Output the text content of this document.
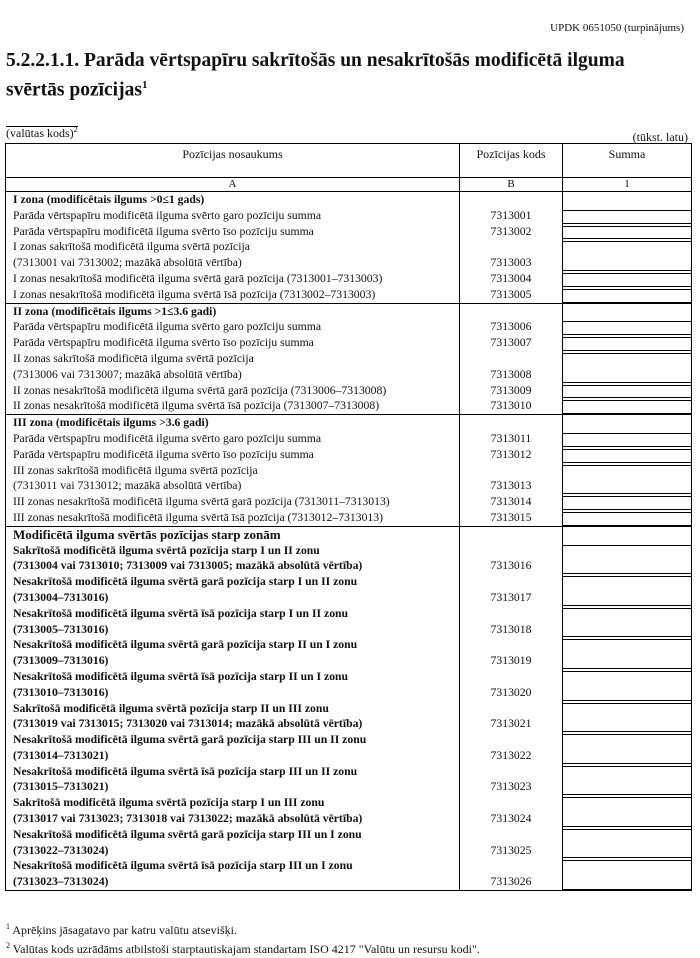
UPDK 0651050 (turpinājums)
5.2.2.1.1. Parāda vērtspapīru sakrītošās un nesakrītošās modificētā ilguma svērtās pozīcijas$^1$
(valūtas kods)$^2$
(tūkst. latu)
Pozīcijas nosaukums	Pozīcijas kods	Summa
A	B	1
I zona (modificētais ilgums >0≤1 gads)		

Parāda vērtspapīru modificētā ilguma svērto garo pozīciju summa	7313001	

Parāda vērtspapīru modificētā ilguma svērto īso pozīciju summa	7313002	

I zonas sakrītošā modificētā ilguma svērtā pozīcija
(7313001 vai 7313002; mazākā absolūtā vērtība)	7313003	

I zonas nesakrītošā modificētā ilguma svērtā garā pozīcija (7313001–7313003)	7313004	

I zonas nesakrītošā modificētā ilguma svērtā īsā pozīcija (7313002–7313003)	7313005	

II zona (modificētais ilgums >1≤3.6 gadi)		

Parāda vērtspapīru modificētā ilguma svērto garo pozīciju summa	7313006	

Parāda vērtspapīru modificētā ilguma svērto īso pozīciju summa	7313007	

II zonas sakrītošā modificētā ilguma svērtā pozīcija
(7313006 vai 7313007; mazākā absolūtā vērtība)	7313008	

II zonas nesakrītošā modificētā ilguma svērtā garā pozīcija (7313006–7313008)	7313009	

II zonas nesakrītošā modificētā ilguma svērtā īsā pozīcija (7313007–7313008)	7313010	

III zona (modificētais ilgums >3.6 gadi)		

Parāda vērtspapīru modificētā ilguma svērto garo pozīciju summa	7313011	

Parāda vērtspapīru modificētā ilguma svērto īso pozīciju summa	7313012	

III zonas sakrītošā modificētā ilguma svērtā pozīcija
(7313011 vai 7313012; mazākā absolūtā vērtība)	7313013	

III zonas nesakrītošā modificētā ilguma svērtā garā pozīcija (7313011–7313013)	7313014	

III zonas nesakrītošā modificētā ilguma svērtā īsā pozīcija (7313012–7313013)	7313015	

Modificētā ilguma svērtās pozīcijas starp zonām		

Sakrītošā modificētā ilguma svērtā pozīcija starp I un II zonu
(7313004 vai 7313010; 7313009 vai 7313005; mazākā absolūtā vērtība)	7313016	

Nesakrītošā modificētā ilguma svērtā garā pozīcija starp I un II zonu
(7313004–7313016)	7313017	

Nesakrītošā modificētā ilguma svērtā īsā pozīcija starp I un II zonu
(7313005–7313016)	7313018	

Nesakrītošā modificētā ilguma svērtā garā pozīcija starp II un I zonu
(7313009–7313016)	7313019	

Nesakrītošā modificētā ilguma svērtā īsā pozīcija starp II un I zonu
(7313010–7313016)	7313020	

Sakrītošā modificētā ilguma svērtā pozīcija starp II un III zonu
(7313019 vai 7313015; 7313020 vai 7313014; mazākā absolūtā vērtība)	7313021	

Nesakrītošā modificētā ilguma svērtā garā pozīcija starp III un II zonu
(7313014–7313021)	7313022	

Nesakrītošā modificētā ilguma svērtā īsā pozīcija starp III un II zonu
(7313015–7313021)	7313023	

Sakrītošā modificētā ilguma svērtā pozīcija starp I un III zonu
(7313017 vai 7313023; 7313018 vai 7313022; mazākā absolūtā vērtība)	7313024	

Nesakrītošā modificētā ilguma svērtā garā pozīcija starp III un I zonu
(7313022–7313024)	7313025	

Nesakrītošā modificētā ilguma svērtā īsā pozīcija starp III un I zonu
(7313023–7313024)	7313026	
$^1$ Aprēķins jāsagatavo par katru valūtu atsevišķi.
$^2$ Valūtas kods uzrādāms atbilstoši starptautiskajam standartam ISO 4217 "Valūtu un resursu kodi".
